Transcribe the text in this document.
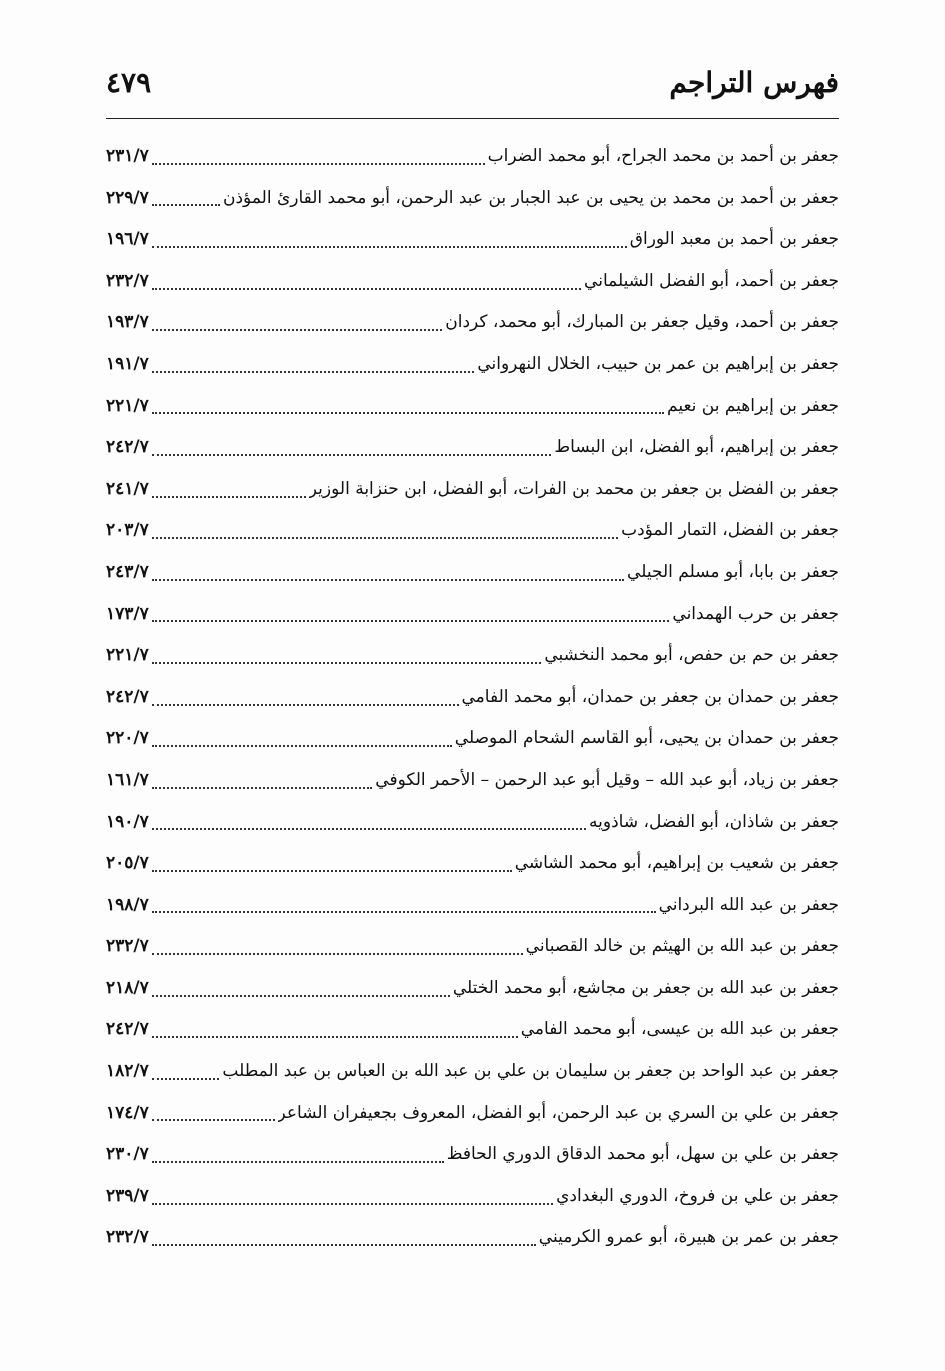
فهرس التراجم
٤٧٩
جعفر بن أحمد بن محمد الجراح، أبو محمد الضراب
٢٣١/٧
جعفر بن أحمد بن محمد بن يحيى بن عبد الجبار بن عبد الرحمن، أبو محمد القارئ المؤذن
٢٢٩/٧
جعفر بن أحمد بن معبد الوراق
١٩٦/٧
جعفر بن أحمد، أبو الفضل الشيلماني
٢٣٢/٧
جعفر بن أحمد، وقيل جعفر بن المبارك، أبو محمد، كردان
١٩٣/٧
جعفر بن إبراهيم بن عمر بن حبيب، الخلال النهرواني
١٩١/٧
جعفر بن إبراهيم بن نعيم
٢٢١/٧
جعفر بن إبراهيم، أبو الفضل، ابن البساط
٢٤٢/٧
جعفر بن الفضل بن جعفر بن محمد بن الفرات، أبو الفضل، ابن حنزابة الوزير
٢٤١/٧
جعفر بن الفضل، التمار المؤدب
٢٠٣/٧
جعفر بن بابا، أبو مسلم الجيلي
٢٤٣/٧
جعفر بن حرب الهمداني
١٧٣/٧
جعفر بن حم بن حفص، أبو محمد النخشبي
٢٢١/٧
جعفر بن حمدان بن جعفر بن حمدان، أبو محمد الفامي
٢٤٢/٧
جعفر بن حمدان بن يحيى، أبو القاسم الشحام الموصلي
٢٢٠/٧
جعفر بن زياد، أبو عبد الله – وقيل أبو عبد الرحمن – الأحمر الكوفي
١٦١/٧
جعفر بن شاذان، أبو الفضل، شاذويه
١٩٠/٧
جعفر بن شعيب بن إبراهيم، أبو محمد الشاشي
٢٠٥/٧
جعفر بن عبد الله البرداني
١٩٨/٧
جعفر بن عبد الله بن الهيثم بن خالد القصباني
٢٣٢/٧
جعفر بن عبد الله بن جعفر بن مجاشع، أبو محمد الختلي
٢١٨/٧
جعفر بن عبد الله بن عيسى، أبو محمد الفامي
٢٤٢/٧
جعفر بن عبد الواحد بن جعفر بن سليمان بن علي بن عبد الله بن العباس بن عبد المطلب
١٨٢/٧
جعفر بن علي بن السري بن عبد الرحمن، أبو الفضل، المعروف بجعيفران الشاعر
١٧٤/٧
جعفر بن علي بن سهل، أبو محمد الدقاق الدوري الحافظ
٢٣٠/٧
جعفر بن علي بن فروخ، الدوري البغدادي
٢٣٩/٧
جعفر بن عمر بن هبيرة، أبو عمرو الكرميني
٢٣٢/٧
